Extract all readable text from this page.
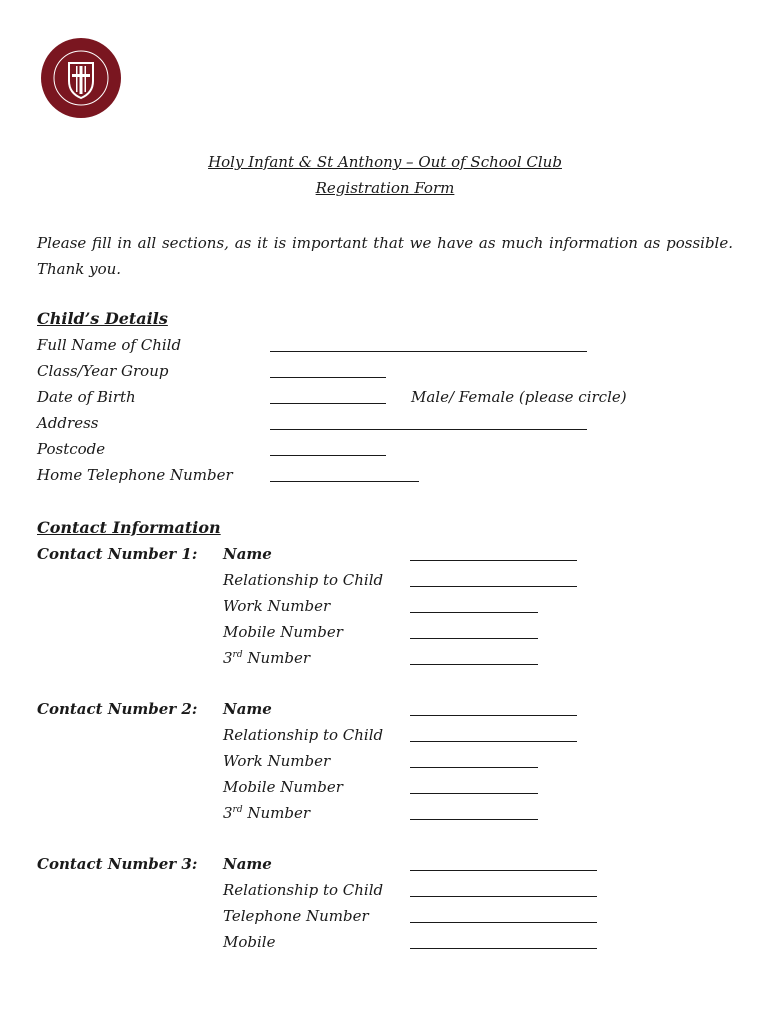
Holy Infant & St Anthony – Out of School Club
Registration Form
Please fill in all sections, as it is important that we have as much information as possible. Thank you.
Child’s Details
Full Name of Child
Class/Year Group
Date of Birth	Male/ Female (please circle)
Address
Postcode
Home Telephone Number
Contact Information
Contact Number 1: Name
Relationship to Child
Work Number
Mobile Number
3rd Number
Contact Number 2: Name
Relationship to Child
Work Number
Mobile Number
3rd Number
Contact Number 3: Name
Relationship to Child
Telephone Number
Mobile
